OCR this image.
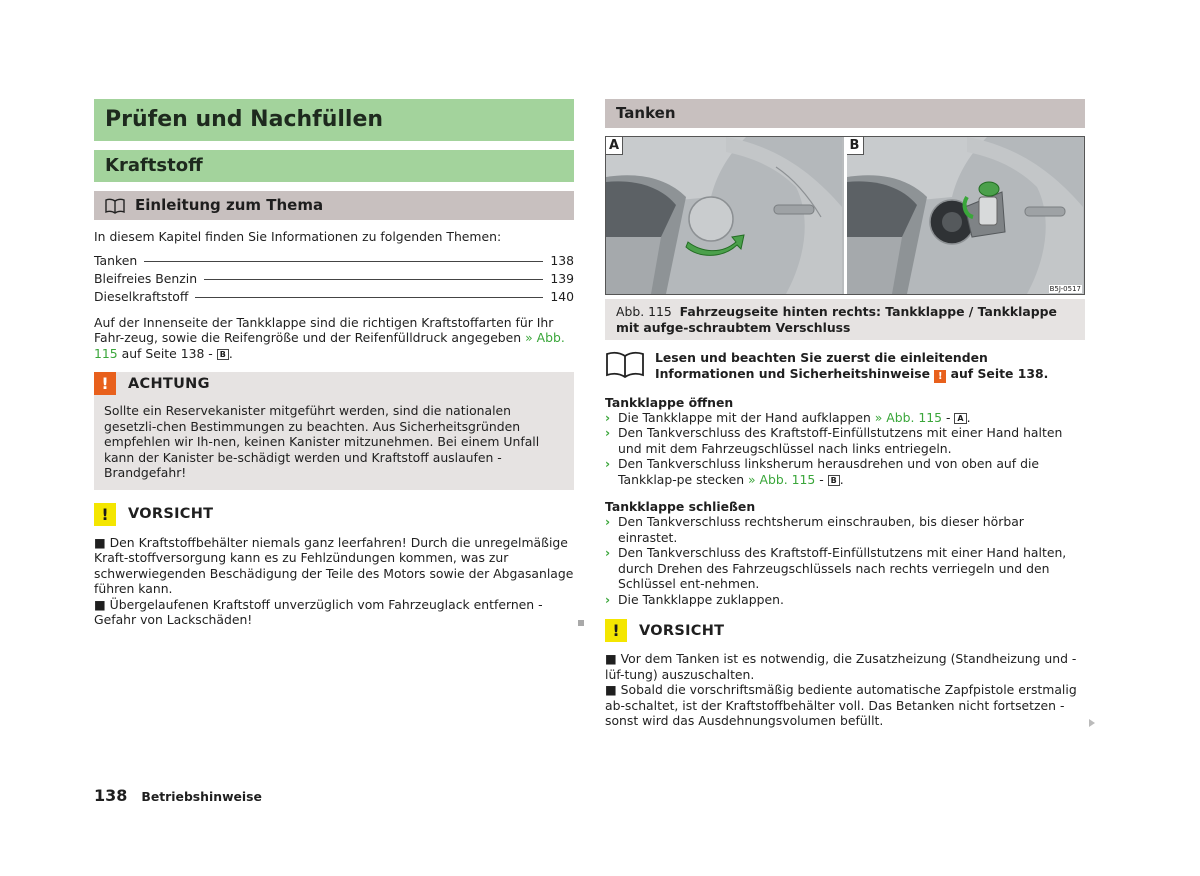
Prüfen und Nachfüllen
Kraftstoff
Einleitung zum Thema
In diesem Kapitel finden Sie Informationen zu folgenden Themen:
Tanken	138
Bleifreies Benzin	139
Dieselkraftstoff	140
Auf der Innenseite der Tankklappe sind die richtigen Kraftstoffarten für Ihr Fahr-zeug, sowie die Reifengröße und der Reifenfülldruck angegeben » Abb. 115 auf Seite 138 - B .
!	ACHTUNG
Sollte ein Reservekanister mitgeführt werden, sind die nationalen gesetzli-chen Bestimmungen zu beachten. Aus Sicherheitsgründen empfehlen wir Ih-nen, keinen Kanister mitzunehmen. Bei einem Unfall kann der Kanister be-schädigt werden und Kraftstoff auslaufen - Brandgefahr!
!	VORSICHT
■ Den Kraftstoffbehälter niemals ganz leerfahren! Durch die unregelmäßige Kraft-stoffversorgung kann es zu Fehlzündungen kommen, was zur schwerwiegenden Beschädigung der Teile des Motors sowie der Abgasanlage führen kann.
■ Übergelaufenen Kraftstoff unverzüglich vom Fahrzeuglack entfernen - Gefahr von Lackschäden!
Tanken
A	B
B5J-0517
Abb. 115 Fahrzeugseite hinten rechts: Tankklappe / Tankklappe mit aufge-schraubtem Verschluss
Lesen und beachten Sie zuerst die einleitenden Informationen und Sicherheitshinweise ! auf Seite 138.
Tankklappe öffnen
› Die Tankklappe mit der Hand aufklappen » Abb. 115 - A .
› Den Tankverschluss des Kraftstoff-Einfüllstutzens mit einer Hand halten und mit dem Fahrzeugschlüssel nach links entriegeln.
› Den Tankverschluss linksherum herausdrehen und von oben auf die Tankklap-pe stecken » Abb. 115 - B .
Tankklappe schließen
› Den Tankverschluss rechtsherum einschrauben, bis dieser hörbar einrastet.
› Den Tankverschluss des Kraftstoff-Einfüllstutzens mit einer Hand halten, durch Drehen des Fahrzeugschlüssels nach rechts verriegeln und den Schlüssel ent-nehmen.
› Die Tankklappe zuklappen.
!	VORSICHT
■ Vor dem Tanken ist es notwendig, die Zusatzheizung (Standheizung und -lüf-tung) auszuschalten.
■ Sobald die vorschriftsmäßig bediente automatische Zapfpistole erstmalig ab-schaltet, ist der Kraftstoffbehälter voll. Das Betanken nicht fortsetzen - sonst wird das Ausdehnungsvolumen befüllt.
138 Betriebshinweise
